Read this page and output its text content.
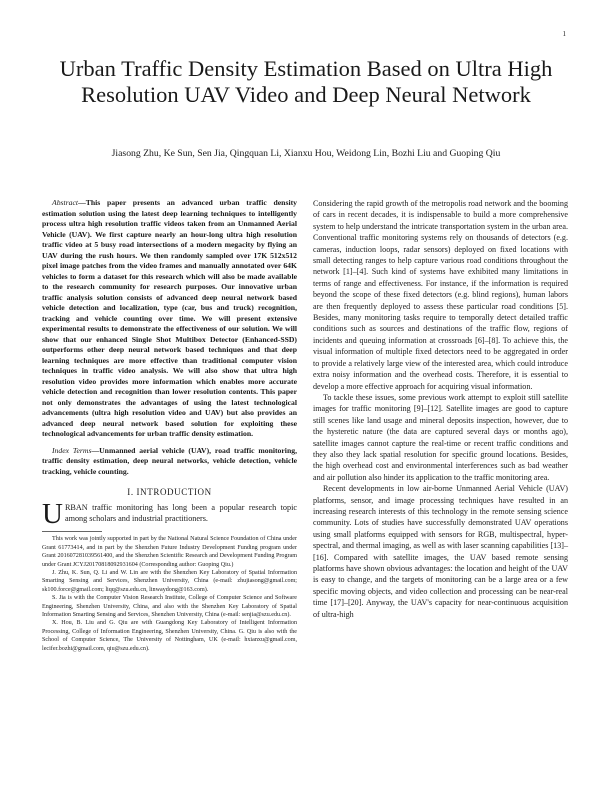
1
Urban Traffic Density Estimation Based on Ultra High Resolution UAV Video and Deep Neural Network
Jiasong Zhu, Ke Sun, Sen Jia, Qingquan Li, Xianxu Hou, Weidong Lin, Bozhi Liu and Guoping Qiu

Abstract—This paper presents an advanced urban traffic density estimation solution using the latest deep learning techniques to intelligently process ultra high resolution traffic videos taken from an Unmanned Aerial Vehicle (UAV). We first capture nearly an hour-long ultra high resolution traffic video at 5 busy road intersections of a modern megacity by flying an UAV during the rush hours. We then randomly sampled over 17K 512x512 pixel image patches from the video frames and manually annotated over 64K vehicles to form a dataset for this research which will also be made available to the research community for research purposes. Our innovative urban traffic analysis solution consists of advanced deep neural network based vehicle detection and localization, type (car, bus and truck) recognition, tracking and vehicle counting over time. We will present extensive experimental results to demonstrate the effectiveness of our solution. We will show that our enhanced Single Shot Multibox Detector (Enhanced-SSD) outperforms other deep neural network based techniques and that deep learning techniques are more effective than traditional computer vision techniques in traffic video analysis. We will also show that ultra high resolution video provides more information which enables more accurate vehicle detection and recognition than lower resolution contents. This paper not only demonstrates the advantages of using the latest technological advancements (ultra high resolution video and UAV) but also provides an advanced deep neural network based solution for exploiting these technological advancements for urban traffic density estimation.

Index Terms—Unmanned aerial vehicle (UAV), road traffic monitoring, traffic density estimation, deep neural networks, vehicle detection, vehicle tracking, vehicle counting.

I. INTRODUCTION

URBAN traffic monitoring has long been a popular research topic among scholars and industrial practitioners.

This work was jointly supported in part by the National Natural Science Foundation of China under Grant 61773414, and in part by the Shenzhen Future Industry Development Funding program under Grant 201607281039561400, and the Shenzhen Scientific Research and Development Funding Program under Grant JCYJ20170818092931604 (Corresponding author: Guoping Qiu.)

J. Zhu, K. Sun, Q. Li and W. Lin are with the Shenzhen Key Laboratory of Spatial Information Smarting Sensing and Services, Shenzhen University, China (e-mail: zhujiasong@gmail.com; sk100.force@gmail.com; liqq@szu.edu.cn, linwaydong@163.com).

S. Jia is with the Computer Vision Research Institute, College of Computer Science and Software Engineering, Shenzhen University, China, and also with the Shenzhen Key Laboratory of Spatial Information Smarting Sensing and Services, Shenzhen University, China (e-mail: senjia@szu.edu.cn).

X. Hou, B. Liu and G. Qiu are with Guangdong Key Laboratory of Intelligent Information Processing, College of Information Engineering, Shenzhen University, China. G. Qiu is also with the School of Computer Science, The University of Nottingham, UK (e-mail: hxianxu@gmail.com, lecifer.bozhi@gmail.com, qiu@szu.edu.cn).

Considering the rapid growth of the metropolis road network and the booming of cars in recent decades, it is indispensable to build a more comprehensive system to help understand the intricate transportation system in the urban area. Conventional traffic monitoring systems rely on thousands of detectors (e.g. cameras, induction loops, radar sensors) deployed on fixed locations with small detecting ranges to help capture various road conditions throughout the network [1]–[4]. Such kind of systems have exhibited many limitations in terms of range and effectiveness. For instance, if the information is required beyond the scope of these fixed detectors (e.g. blind regions), human labors are then frequently deployed to assess these particular road conditions [5]. Besides, many monitoring tasks require to temporally detect detailed traffic conditions such as sources and destinations of the traffic flow, regions of incidents and queuing information at crossroads [6]–[8]. To achieve this, the visual information of multiple fixed detectors need to be aggregated in order to provide a relatively large view of the interested area, which could introduce extra noisy information and the overhead costs. Therefore, it is essential to develop a more effective approach for acquiring visual information.

To tackle these issues, some previous work attempt to exploit still satellite images for traffic monitoring [9]–[12]. Satellite images are good to capture still scenes like land usage and mineral deposits inspection, however, due to the hysteretic nature (the data are captured several days or months ago), satellite images cannot capture the real-time or recent traffic conditions and they also they lack spatial resolution for specific ground locations. Besides, the high overhead cost and environmental interferences such as bad weather and air pollution also hinder its application to the traffic monitoring area.

Recent developments in low air-borne Unmanned Aerial Vehicle (UAV) platforms, sensor, and image processing techniques have resulted in an increasing research interests of this technology in the remote sensing science community. Lots of studies have successfully demonstrated UAV operations using small platforms equipped with sensors for RGB, multispectral, hyper-spectral, and thermal imaging, as well as with laser scanning capabilities [13]–[16]. Compared with satellite images, the UAV based remote sensing platforms have shown obvious advantages: the location and height of the UAV is easy to change, and the targets of monitoring can be a large area or a few specific moving objects, and video collection and processing can be near-real time [17]–[20]. Anyway, the UAV's capacity for near-continuous acquisition of ultra-high
